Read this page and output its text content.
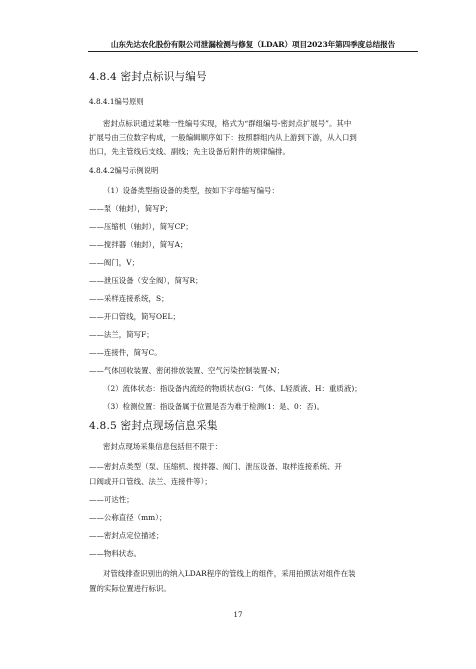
山东先达农化股份有限公司泄漏检测与修复（LDAR）项目2023年第四季度总结报告
4.8.4 密封点标识与编号
4.8.4.1编号原则
密封点标识通过某唯一性编号实现，格式为“群组编号-密封点扩展号”。其中
扩展号由三位数字构成，一般编辑顺序如下：按照群组内从上游到下游，从入口到
出口，先主管线后支线、副线；先主设备后附件的规律编排。
4.8.4.2编号示例说明
（1）设备类型指设备的类型，按如下字母缩写编号：
——泵（轴封），简写P；
——压缩机（轴封），简写CP；
——搅拌器（轴封），简写A；
——阀门，V；
——泄压设备（安全阀），简写R；
——采样连接系统，S；
——开口管线，简写OEL；
——法兰，简写F；
——连接件，简写C。
——气体回收装置、密闭排放装置、空气污染控制装置-N；
（2）流体状态：指设备内流经的物质状态(G：气体、L轻质液、H：重质液)；
（3）检测位置：指设备属于位置是否为难于检测(1：是、0：否)。
4.8.5 密封点现场信息采集
密封点现场采集信息包括但不限于：
——密封点类型（泵、压缩机、搅拌器、阀门、泄压设备、取样连接系统、开
口阀或开口管线、法兰、连接件等）；
——可达性；
——公称直径（mm）；
——密封点定位描述；
——物料状态。
对管线排查识别出的纳入LDAR程序的管线上的组件，采用拍照法对组件在装
置的实际位置进行标识。
17
